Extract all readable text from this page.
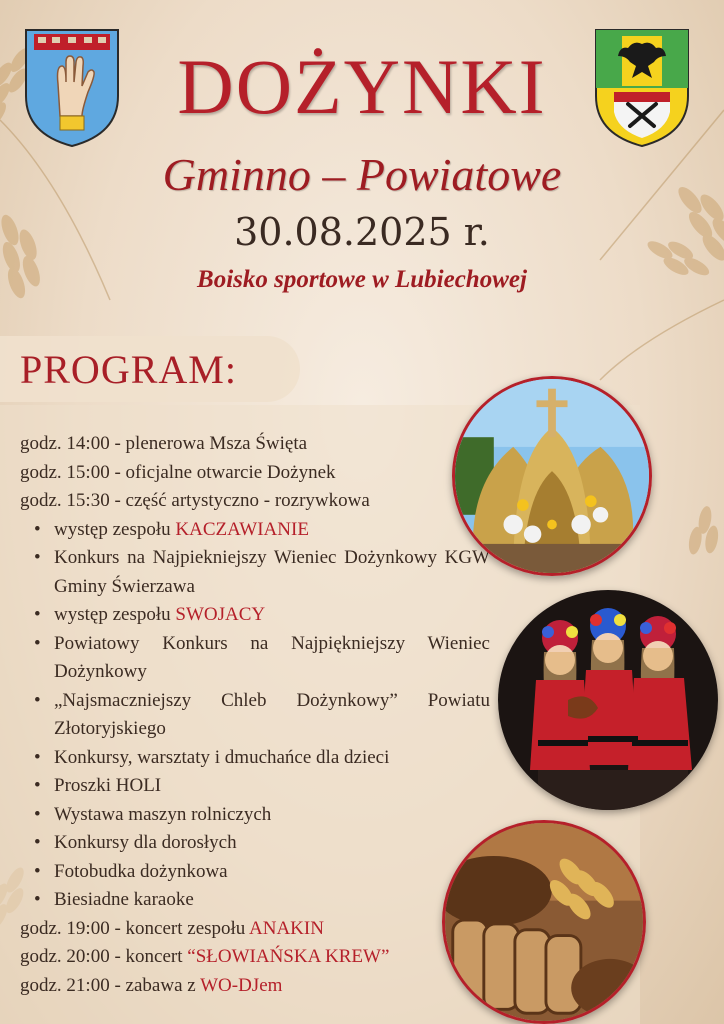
DOŻYNKI
Gminno – Powiatowe
30.08.2025 r.
Boisko sportowe w Lubiechowej
PROGRAM:
godz. 14:00 - plenerowa Msza Święta
godz. 15:00 - oficjalne otwarcie Dożynek
godz. 15:30 - część artystyczno - rozrywkowa
• występ zespołu KACZAWIANIE
• Konkurs na Najpiekniejszy Wieniec Dożynkowy KGW Gminy Świerzawa
• występ zespołu SWOJACY
• Powiatowy Konkurs na Najpiękniejszy Wieniec Dożynkowy
• „Najsmaczniejszy Chleb Dożynkowy” Powiatu Złotoryjskiego
• Konkursy, warsztaty i dmuchańce dla dzieci
• Proszki HOLI
• Wystawa maszyn rolniczych
• Konkursy dla dorosłych
• Fotobudka dożynkowa
• Biesiadne karaoke
godz. 19:00 - koncert zespołu ANAKIN
godz. 20:00 - koncert “SŁOWIAŃSKA KREW”
godz. 21:00 - zabawa z WO-DJem
